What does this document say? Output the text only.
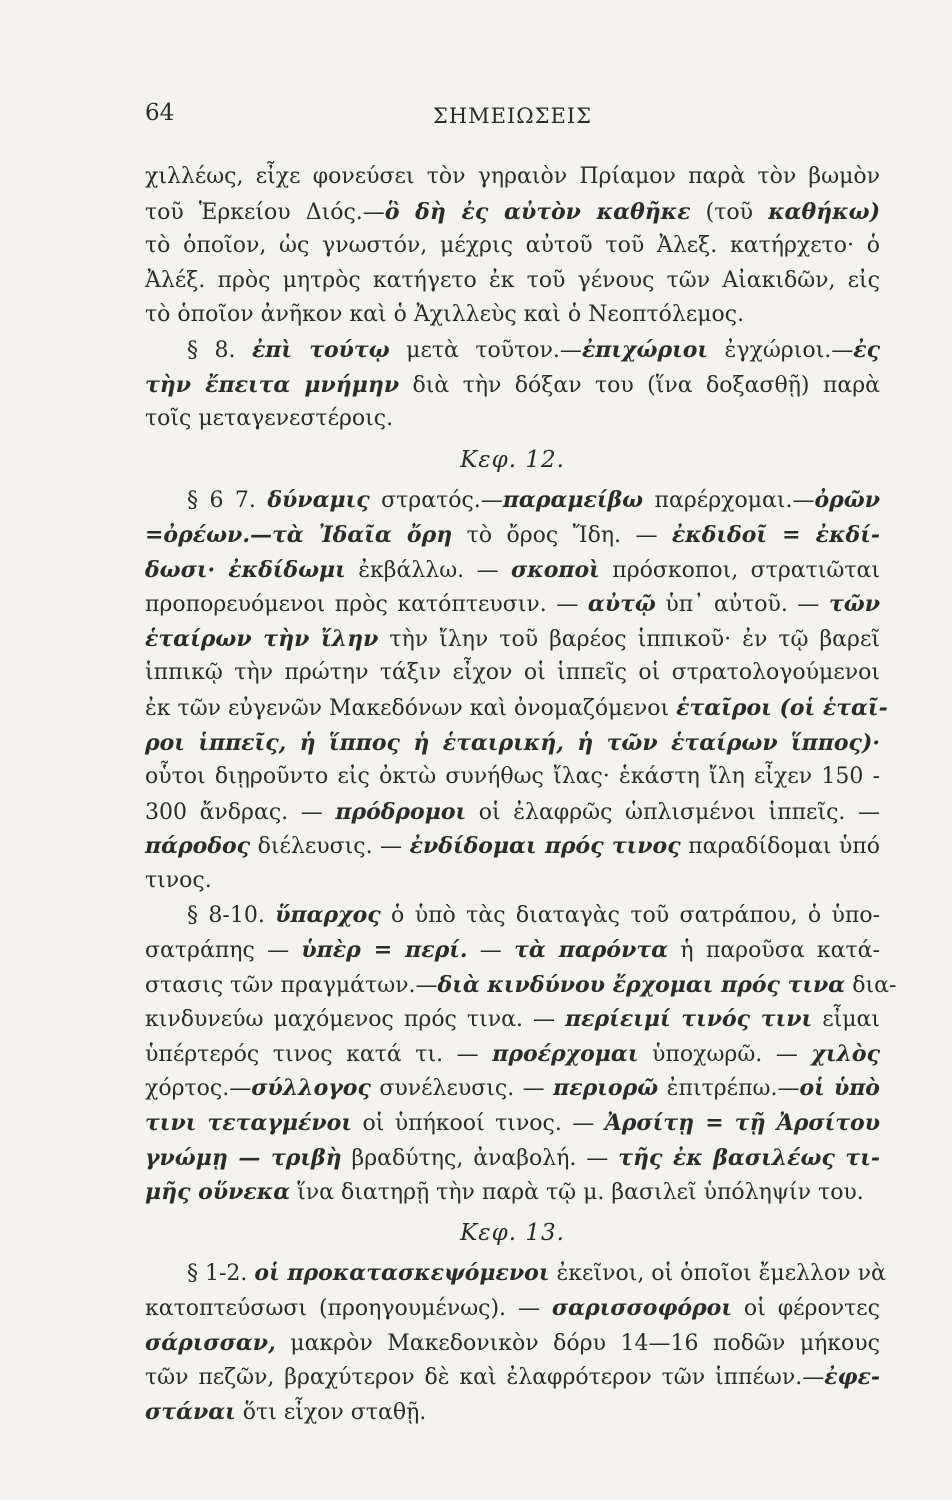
64	ΣΗΜΕΙΩΣΕΙΣ
χιλλέως, εἶχε φονεύσει τὸν γηραιὸν Πρίαμον παρὰ τὸν βωμὸν
τοῦ Ἑρκείου Διός.—ὃ δὴ ἐς αὐτὸν καθῆκε (τοῦ καθήκω)
τὸ ὁποῖον, ὡς γνωστόν, μέχρις αὐτοῦ τοῦ Ἀλεξ. κατήρχετο· ὁ
Ἀλέξ. πρὸς μητρὸς κατήγετο ἐκ τοῦ γένους τῶν Αἰακιδῶν, εἰς
τὸ ὁποῖον ἀνῆκον καὶ ὁ Ἀχιλλεὺς καὶ ὁ Νεοπτόλεμος.
§ 8. ἐπὶ τούτῳ μετὰ τοῦτον.—ἐπιχώριοι ἐγχώριοι.—ἐς
τὴν ἔπειτα μνήμην διὰ τὴν δόξαν του (ἵνα δοξασθῇ) παρὰ
τοῖς μεταγενεστέροις.
Κεφ. 12.
§ 6 7. δύναμις στρατός.—παραμείβω παρέρχομαι.—ὀρῶν
=ὀρέων.—τὰ Ἰδαῖα ὄρη τὸ ὄρος Ἴδη. — ἐκδιδοῖ = ἐκδί-
δωσι· ἐκδίδωμι ἐκβάλλω. — σκοποὶ πρόσκοποι, στρατιῶται
προπορευόμενοι πρὸς κατόπτευσιν. — αὐτῷ ὑπ᾽ αὐτοῦ. — τῶν
ἑταίρων τὴν ἴλην τὴν ἴλην τοῦ βαρέος ἱππικοῦ· ἐν τῷ βαρεῖ
ἱππικῷ τὴν πρώτην τάξιν εἶχον οἱ ἱππεῖς οἱ στρατολογούμενοι
ἐκ τῶν εὐγενῶν Μακεδόνων καὶ ὀνομαζόμενοι ἑταῖροι (οἱ ἑταῖ-
ροι ἱππεῖς, ἡ ἵππος ἡ ἑταιρική, ἡ τῶν ἑταίρων ἵππος)·
οὗτοι διῃροῦντο εἰς ὀκτὼ συνήθως ἴλας· ἑκάστη ἴλη εἶχεν 150 -
300 ἄνδρας. — πρόδρομοι οἱ ἐλαφρῶς ὡπλισμένοι ἱππεῖς. —
πάροδος διέλευσις. — ἐνδίδομαι πρός τινος παραδίδομαι ὑπό
τινος.
§ 8-10. ὕπαρχος ὁ ὑπὸ τὰς διαταγὰς τοῦ σατράπου, ὁ ὑπο-
σατράπης — ὑπὲρ = περί. — τὰ παρόντα ἡ παροῦσα κατά-
στασις τῶν πραγμάτων.—διὰ κινδύνου ἔρχομαι πρός τινα δια-
κινδυνεύω μαχόμενος πρός τινα. — περίειμί τινός τινι εἶμαι
ὑπέρτερός τινος κατά τι. — προέρχομαι ὑποχωρῶ. — χιλὸς
χόρτος.—σύλλογος συνέλευσις. — περιορῶ ἐπιτρέπω.—οἱ ὑπὸ
τινι τεταγμένοι οἱ ὑπήκοοί τινος. — Ἀρσίτῃ = τῇ Ἀρσίτου
γνώμῃ — τριβὴ βραδύτης, ἀναβολή. — τῆς ἐκ βασιλέως τι-
μῆς οὕνεκα ἵνα διατηρῇ τὴν παρὰ τῷ μ. βασιλεῖ ὑπόληψίν του.
Κεφ. 13.
§ 1-2. οἱ προκατασκεψόμενοι ἐκεῖνοι, οἱ ὁποῖοι ἔμελλον νὰ
κατοπτεύσωσι (προηγουμένως). — σαρισσοφόροι οἱ φέροντες
σάρισσαν, μακρὸν Μακεδονικὸν δόρυ 14—16 ποδῶν μήκους
τῶν πεζῶν, βραχύτερον δὲ καὶ ἐλαφρότερον τῶν ἱππέων.—ἐφε-
στάναι ὅτι εἶχον σταθῇ.
